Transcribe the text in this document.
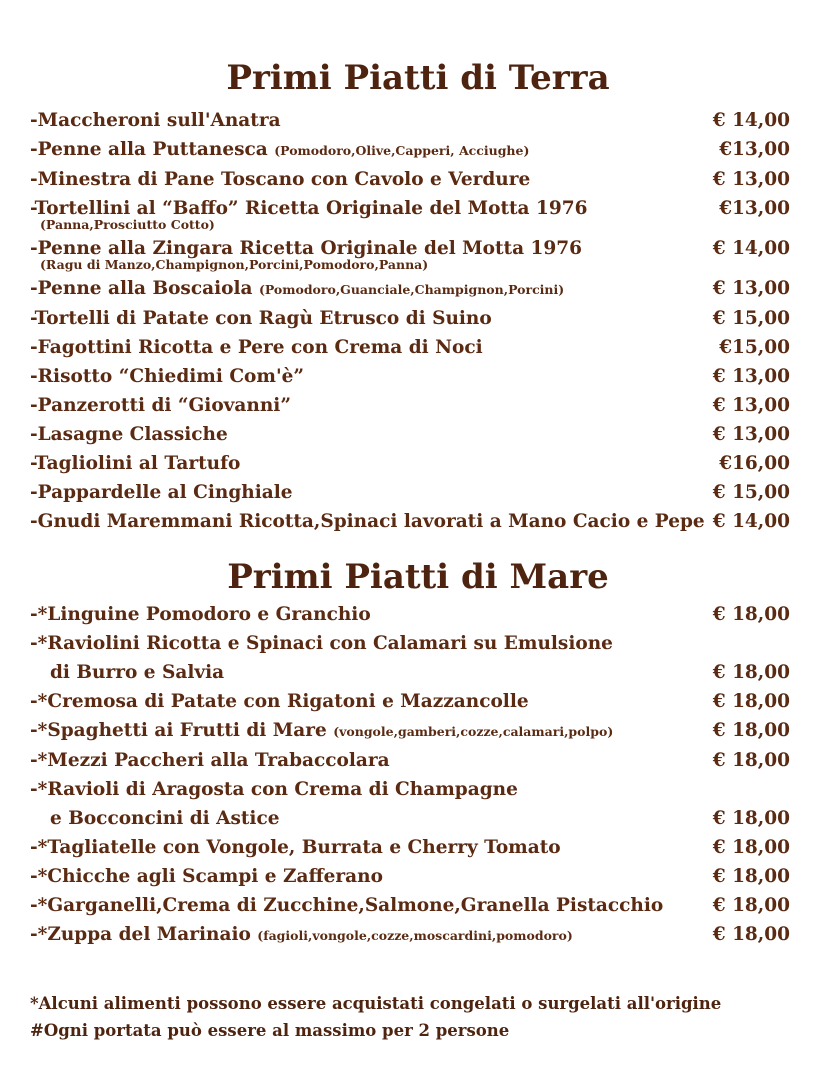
Primi Piatti di Terra
-Maccheroni sull'Anatra	€ 14,00
-Penne alla Puttanesca (Pomodoro,Olive,Capperi, Acciughe)	€13,00
-Minestra di Pane Toscano con Cavolo e Verdure	€ 13,00
-Tortellini al “Baffo” Ricetta Originale del Motta 1976	€13,00
(Panna,Prosciutto Cotto)
-Penne alla Zingara Ricetta Originale del Motta 1976	€ 14,00
(Ragu di Manzo,Champignon,Porcini,Pomodoro,Panna)
-Penne alla Boscaiola (Pomodoro,Guanciale,Champignon,Porcini)	€ 13,00
-Tortelli di Patate con Ragù Etrusco di Suino	€ 15,00
-Fagottini Ricotta e Pere con Crema di Noci	€15,00
-Risotto “Chiedimi Com'è”	€ 13,00
-Panzerotti di “Giovanni”	€ 13,00
-Lasagne Classiche	€ 13,00
-Tagliolini al Tartufo	€16,00
-Pappardelle al Cinghiale	€ 15,00
-Gnudi Maremmani Ricotta,Spinaci lavorati a Mano Cacio e Pepe € 14,00
Primi Piatti di Mare
-*Linguine Pomodoro e Granchio	€ 18,00
-*Raviolini Ricotta e Spinaci con Calamari su Emulsione
di Burro e Salvia	€ 18,00
-*Cremosa di Patate con Rigatoni e Mazzancolle	€ 18,00
-*Spaghetti ai Frutti di Mare (vongole,gamberi,cozze,calamari,polpo)	€ 18,00
-*Mezzi Paccheri alla Trabaccolara	€ 18,00
-*Ravioli di Aragosta con Crema di Champagne
e Bocconcini di Astice	€ 18,00
-*Tagliatelle con Vongole, Burrata e Cherry Tomato	€ 18,00
-*Chicche agli Scampi e Zafferano	€ 18,00
-*Garganelli,Crema di Zucchine,Salmone,Granella Pistacchio	€ 18,00
-*Zuppa del Marinaio (fagioli,vongole,cozze,moscardini,pomodoro)	€ 18,00
*Alcuni alimenti possono essere acquistati congelati o surgelati all'origine
#Ogni portata può essere al massimo per 2 persone
